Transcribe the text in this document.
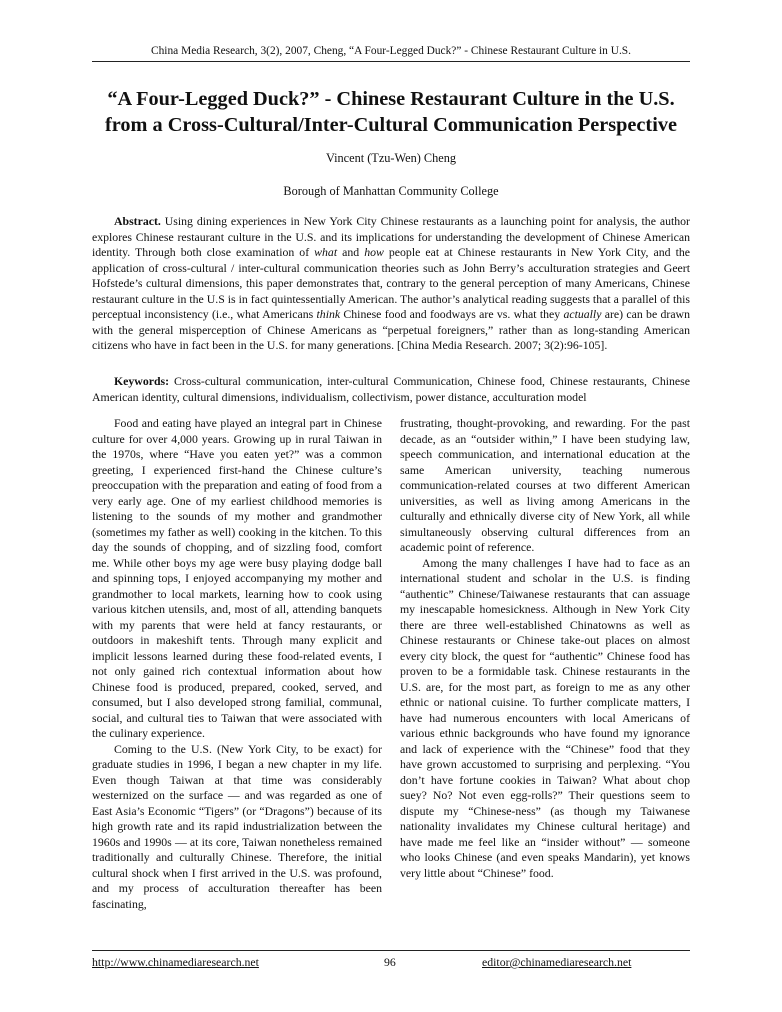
China Media Research, 3(2), 2007, Cheng, “A Four-Legged Duck?” - Chinese Restaurant Culture in U.S.
“A Four-Legged Duck?” - Chinese Restaurant Culture in the U.S.
from a Cross-Cultural/Inter-Cultural Communication Perspective
Vincent (Tzu-Wen) Cheng
Borough of Manhattan Community College

Abstract. Using dining experiences in New York City Chinese restaurants as a launching point for analysis, the author explores Chinese restaurant culture in the U.S. and its implications for understanding the development of Chinese American identity. Through both close examination of what and how people eat at Chinese restaurants in New York City, and the application of cross-cultural / inter-cultural communication theories such as John Berry’s acculturation strategies and Geert Hofstede’s cultural dimensions, this paper demonstrates that, contrary to the general perception of many Americans, Chinese restaurant culture in the U.S is in fact quintessentially American. The author’s analytical reading suggests that a parallel of this perceptual inconsistency (i.e., what Americans think Chinese food and foodways are vs. what they actually are) can be drawn with the general misperception of Chinese Americans as “perpetual foreigners,” rather than as long-standing American citizens who have in fact been in the U.S. for many generations. [China Media Research. 2007; 3(2):96-105].

Keywords: Cross-cultural communication, inter-cultural Communication, Chinese food, Chinese restaurants, Chinese American identity, cultural dimensions, individualism, collectivism, power distance, acculturation model

Food and eating have played an integral part in Chinese culture for over 4,000 years. Growing up in rural Taiwan in the 1970s, where “Have you eaten yet?” was a common greeting, I experienced first-hand the Chinese culture’s preoccupation with the preparation and eating of food from a very early age. One of my earliest childhood memories is listening to the sounds of my mother and grandmother (sometimes my father as well) cooking in the kitchen. To this day the sounds of chopping, and of sizzling food, comfort me. While other boys my age were busy playing dodge ball and spinning tops, I enjoyed accompanying my mother and grandmother to local markets, learning how to cook using various kitchen utensils, and, most of all, attending banquets with my parents that were held at fancy restaurants, or outdoors in makeshift tents. Through many explicit and implicit lessons learned during these food-related events, I not only gained rich contextual information about how Chinese food is produced, prepared, cooked, served, and consumed, but I also developed strong familial, communal, social, and cultural ties to Taiwan that were associated with the culinary experience.

Coming to the U.S. (New York City, to be exact) for graduate studies in 1996, I began a new chapter in my life. Even though Taiwan at that time was considerably westernized on the surface — and was regarded as one of East Asia’s Economic “Tigers” (or “Dragons”) because of its high growth rate and its rapid industrialization between the 1960s and 1990s — at its core, Taiwan nonetheless remained traditionally and culturally Chinese. Therefore, the initial cultural shock when I first arrived in the U.S. was profound, and my process of acculturation thereafter has been fascinating,

frustrating, thought-provoking, and rewarding. For the past decade, as an “outsider within,” I have been studying law, speech communication, and international education at the same American university, teaching numerous communication-related courses at two different American universities, as well as living among Americans in the culturally and ethnically diverse city of New York, all while simultaneously observing cultural differences from an academic point of reference.

Among the many challenges I have had to face as an international student and scholar in the U.S. is finding “authentic” Chinese/Taiwanese restaurants that can assuage my inescapable homesickness. Although in New York City there are three well-established Chinatowns as well as Chinese restaurants or Chinese take-out places on almost every city block, the quest for “authentic” Chinese food has proven to be a formidable task. Chinese restaurants in the U.S. are, for the most part, as foreign to me as any other ethnic or national cuisine. To further complicate matters, I have had numerous encounters with local Americans of various ethnic backgrounds who have found my ignorance and lack of experience with the “Chinese” food that they have grown accustomed to surprising and perplexing. “You don’t have fortune cookies in Taiwan? What about chop suey? No? Not even egg-rolls?” Their questions seem to dispute my “Chinese-ness” (as though my Taiwanese nationality invalidates my Chinese cultural heritage) and have made me feel like an “insider without” — someone who looks Chinese (and even speaks Mandarin), yet knows very little about “Chinese” food.

http://www.chinamediaresearch.net	96	editor@chinamediaresearch.net
